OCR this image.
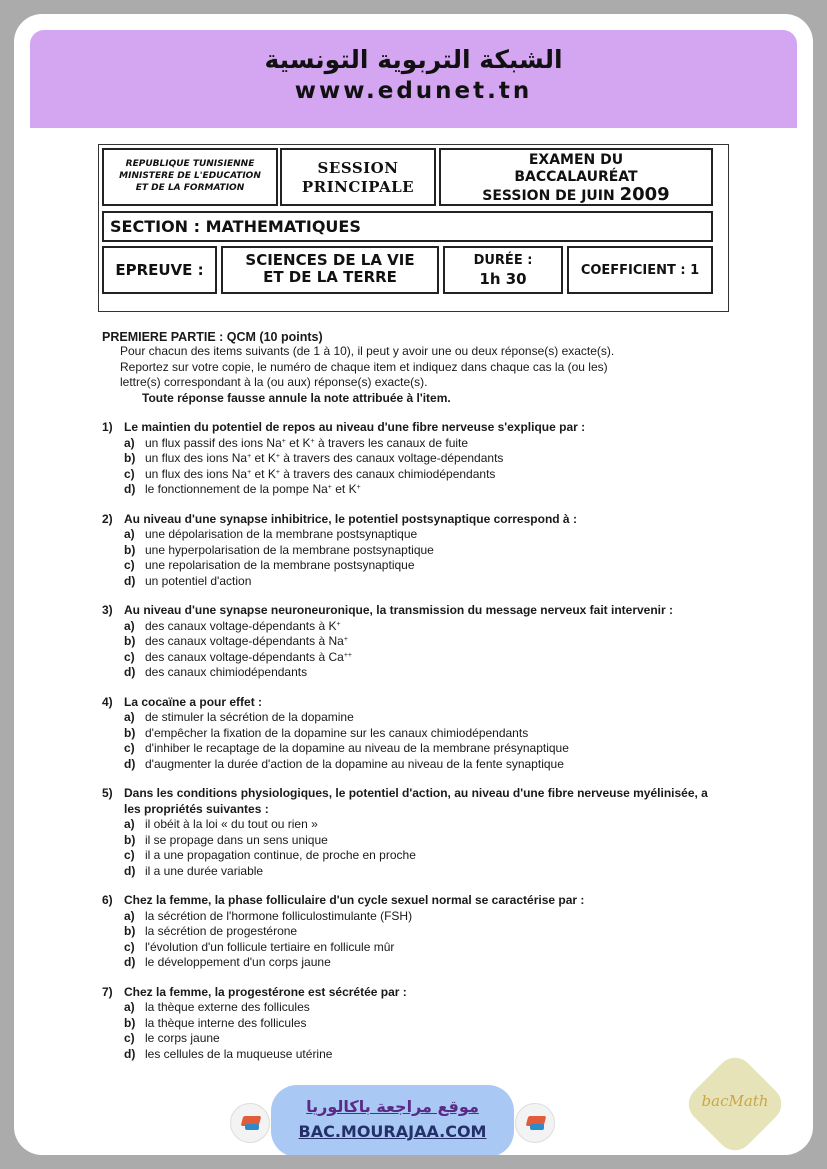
الشبكة التربوية التونسية
www.edunet.tn
REPUBLIQUE TUNISIENNE
MINISTERE DE L'EDUCATION
ET DE LA FORMATION
SESSION
PRINCIPALE
EXAMEN DU
BACCALAURÉAT
SESSION DE JUIN 2009
SECTION : MATHEMATIQUES
EPREUVE :
SCIENCES DE LA VIE
ET DE LA TERRE
DURÉE :
1h 30	COEFFICIENT : 1
PREMIERE PARTIE : QCM (10 points)

Pour chacun des items suivants (de 1 à 10), il peut y avoir une ou deux réponse(s) exacte(s).

Reportez sur votre copie, le numéro de chaque item et indiquez dans chaque cas la (ou les)

lettre(s) correspondant à la (ou aux) réponse(s) exacte(s).

Toute réponse fausse annule la note attribuée à l'item.

1) Le maintien du potentiel de repos au niveau d'une fibre nerveuse s'explique par :
a) un flux passif des ions Na+ et K+ à travers les canaux de fuite
b) un flux des ions Na+ et K+ à travers des canaux voltage-dépendants
c) un flux des ions Na+ et K+ à travers des canaux chimiodépendants
d) le fonctionnement de la pompe Na+ et K+
2) Au niveau d'une synapse inhibitrice, le potentiel postsynaptique correspond à :
a) une dépolarisation de la membrane postsynaptique
b) une hyperpolarisation de la membrane postsynaptique
c) une repolarisation de la membrane postsynaptique
d) un potentiel d'action
3) Au niveau d'une synapse neuroneuronique, la transmission du message nerveux fait intervenir :
a) des canaux voltage-dépendants à K+
b) des canaux voltage-dépendants à Na+
c) des canaux voltage-dépendants à Ca++
d) des canaux chimiodépendants
4) La cocaïne a pour effet :
a) de stimuler la sécrétion de la dopamine
b) d'empêcher la fixation de la dopamine sur les canaux chimiodépendants
c) d'inhiber le recaptage de la dopamine au niveau de la membrane présynaptique
d) d'augmenter la durée d'action de la dopamine au niveau de la fente synaptique
5) Dans les conditions physiologiques, le potentiel d'action, au niveau d'une fibre nerveuse myélinisée, a les propriétés suivantes :
a) il obéit à la loi « du tout ou rien »
b) il se propage dans un sens unique
c) il a une propagation continue, de proche en proche
d) il a une durée variable
6) Chez la femme, la phase folliculaire d'un cycle sexuel normal se caractérise par :
a) la sécrétion de l'hormone folliculostimulante (FSH)
b) la sécrétion de progestérone
c) l'évolution d'un follicule tertiaire en follicule mûr
d) le développement d'un corps jaune
7) Chez la femme, la progestérone est sécrétée par :
a) la thèque externe des follicules
b) la thèque interne des follicules
c) le corps jaune
d) les cellules de la muqueuse utérine
موقع مراجعة باكالوريا
BAC.MOURAJAA.COM
bacMath
